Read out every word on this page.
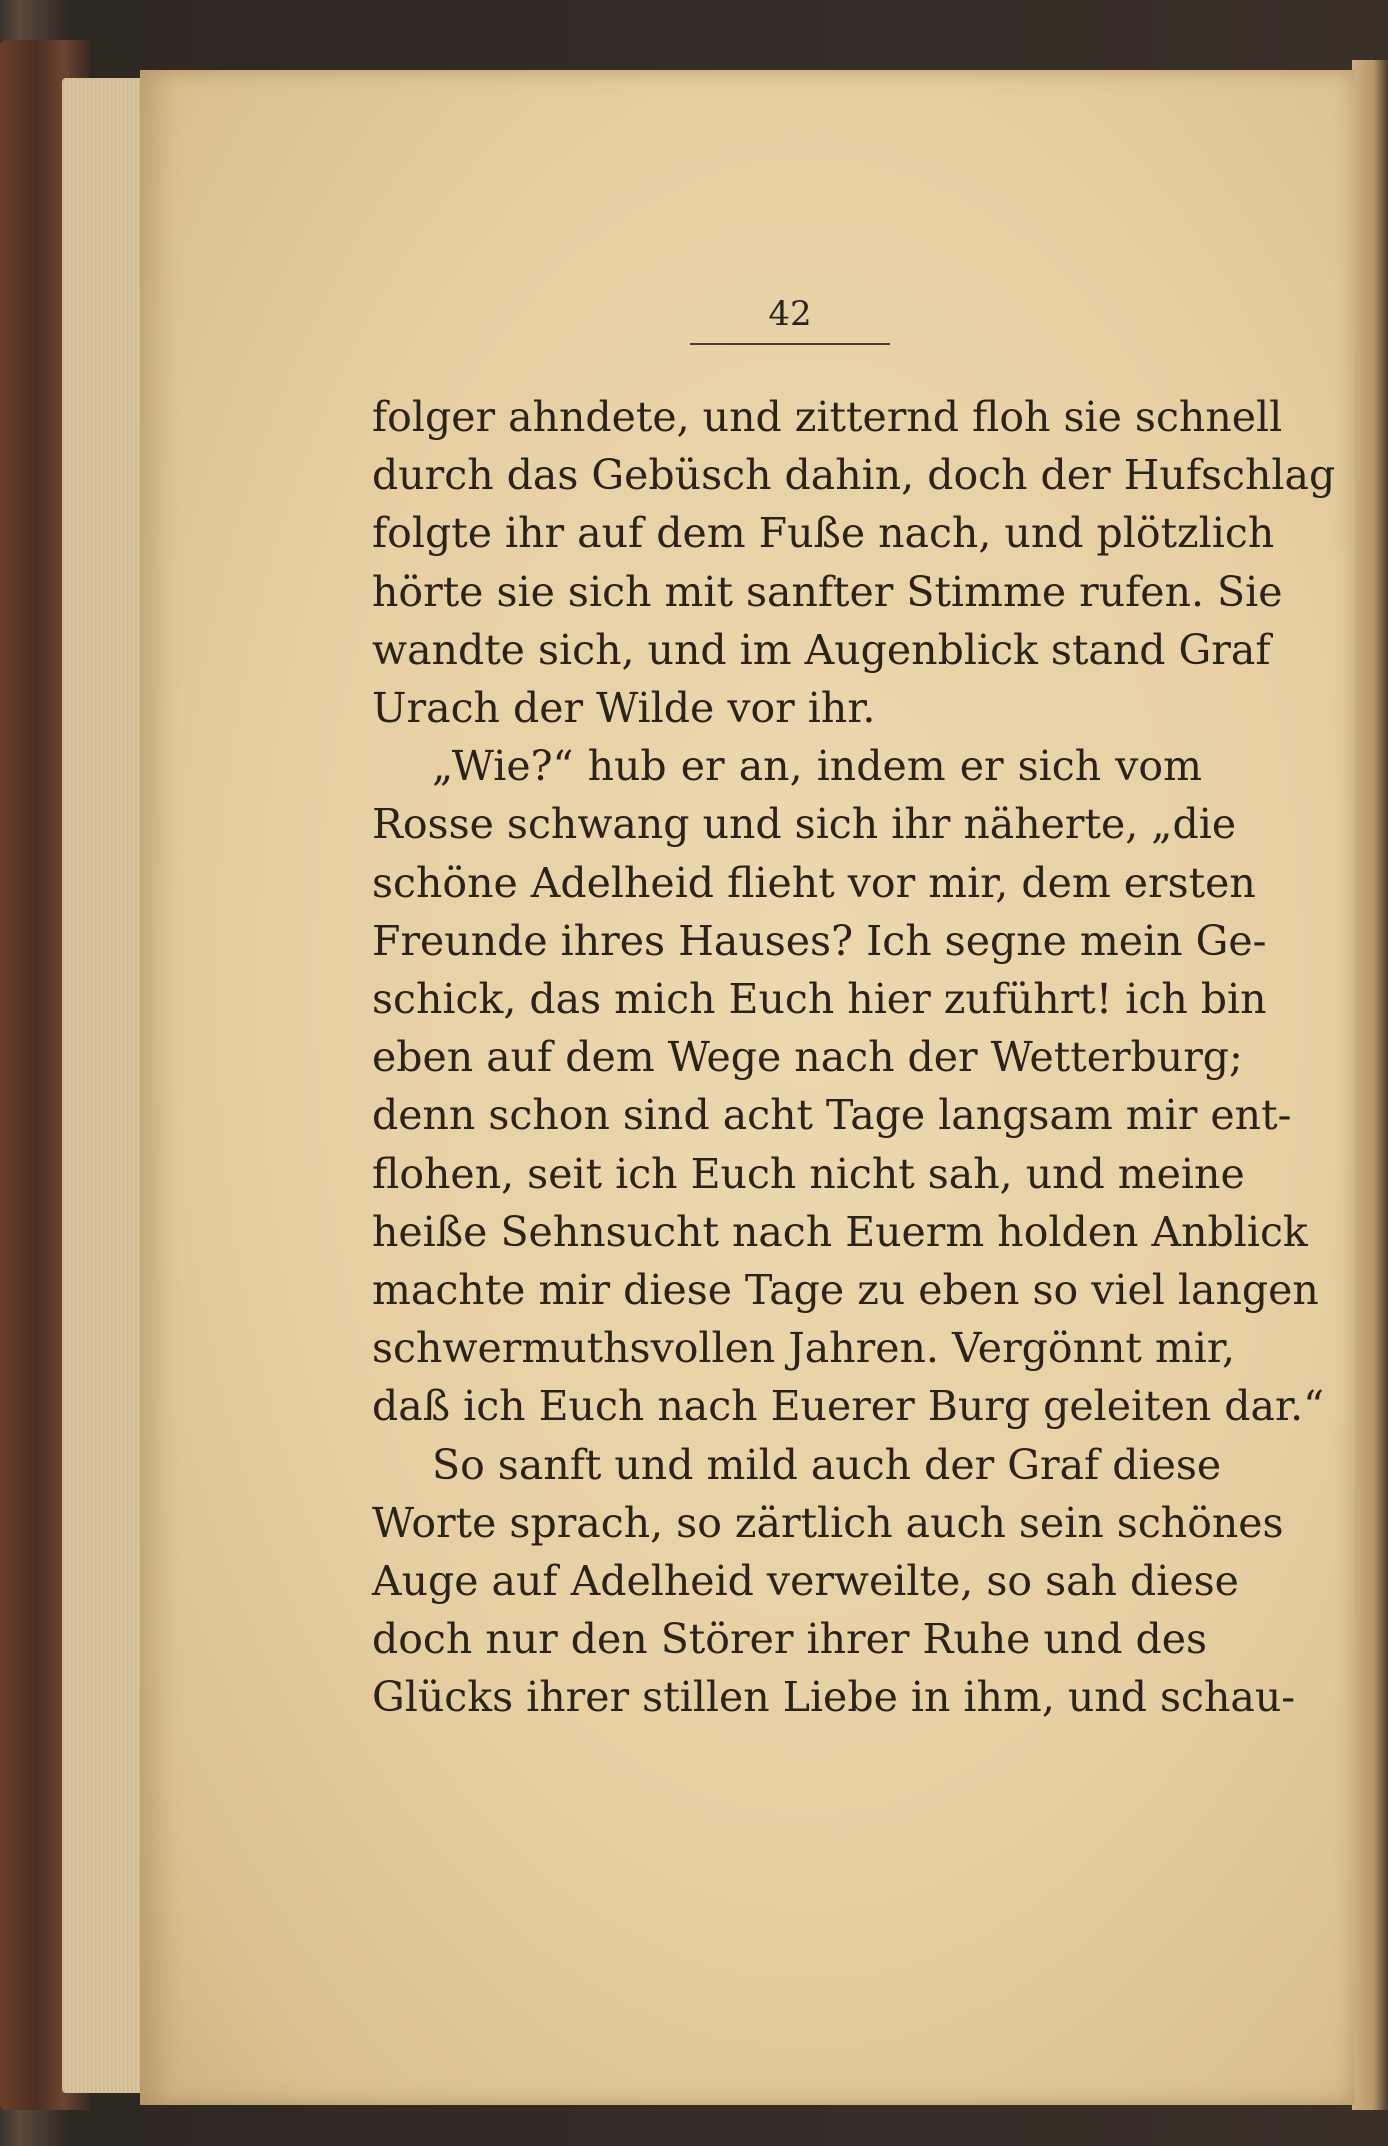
42
folger ahndete, und zitternd floh sie schnell
durch das Gebüsch dahin, doch der Hufschlag
folgte ihr auf dem Fuße nach, und plötzlich
hörte sie sich mit sanfter Stimme rufen. Sie
wandte sich, und im Augenblick stand Graf
Urach der Wilde vor ihr.
„Wie?“ hub er an, indem er sich vom
Rosse schwang und sich ihr näherte, „die
schöne Adelheid flieht vor mir, dem ersten
Freunde ihres Hauses? Ich segne mein Ge-
schick, das mich Euch hier zuführt! ich bin
eben auf dem Wege nach der Wetterburg;
denn schon sind acht Tage langsam mir ent-
flohen, seit ich Euch nicht sah, und meine
heiße Sehnsucht nach Euerm holden Anblick
machte mir diese Tage zu eben so viel langen
schwermuthsvollen Jahren. Vergönnt mir,
daß ich Euch nach Euerer Burg geleiten dar.“
So sanft und mild auch der Graf diese
Worte sprach, so zärtlich auch sein schönes
Auge auf Adelheid verweilte, so sah diese
doch nur den Störer ihrer Ruhe und des
Glücks ihrer stillen Liebe in ihm, und schau-
